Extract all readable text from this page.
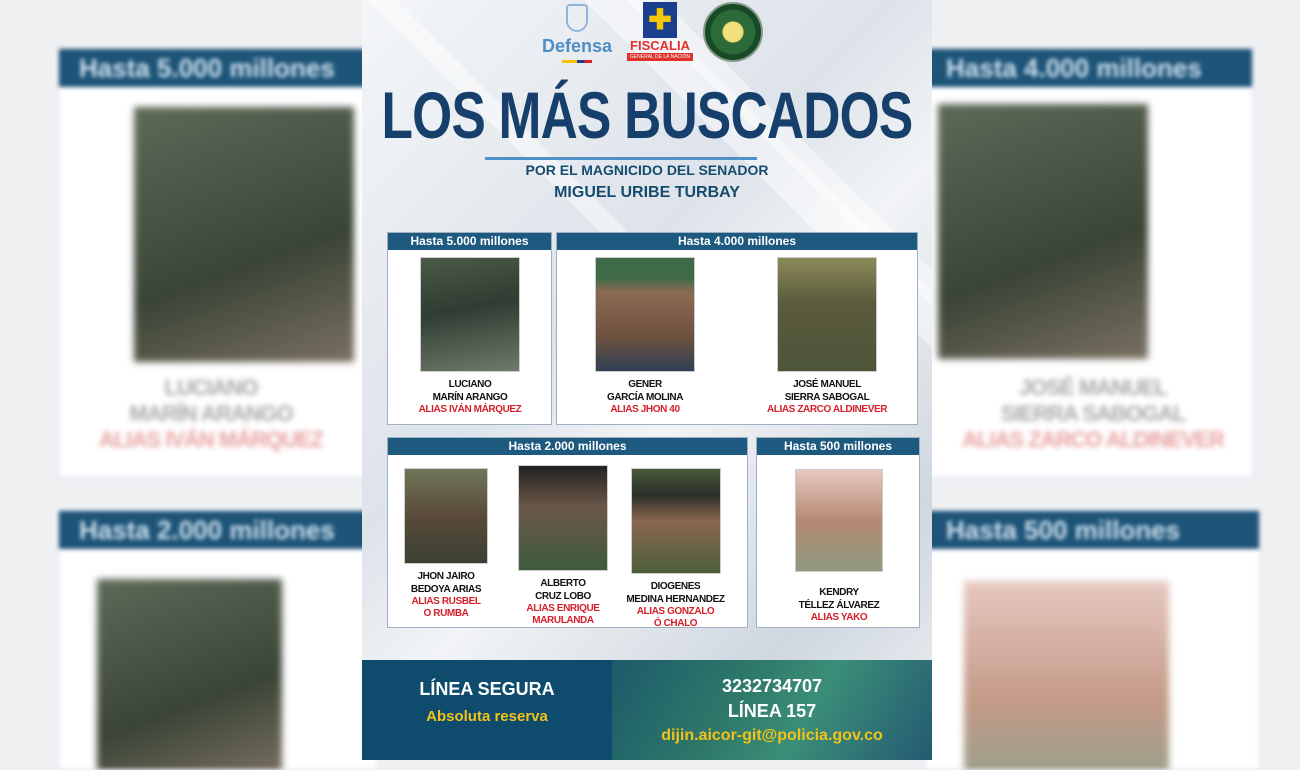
Hasta 5.000 millones
LUCIANO
MARÍN ARANGO
ALIAS IVÁN MÁRQUEZ
Hasta 2.000 millones
Hasta 4.000 millones
JOSÉ MANUEL
SIERRA SABOGAL
ALIAS ZARCO ALDINEVER
Hasta 500 millones
Defensa
✚
FISCALIA
GENERAL DE LA NACIÓN
LOS MÁS BUSCADOS
POR EL MAGNICIDO DEL SENADOR
MIGUEL URIBE TURBAY
Hasta 5.000 millones
LUCIANO
MARÍN ARANGO
ALIAS IVÁN MÁRQUEZ
Hasta 4.000 millones
GENER
GARCÍA MOLINA
ALIAS JHON 40
JOSÉ MANUEL
SIERRA SABOGAL
ALIAS ZARCO ALDINEVER
Hasta 2.000 millones
JHON JAIRO
BEDOYA ARIAS
ALIAS RUSBEL
O RUMBA
ALBERTO
CRUZ LOBO
ALIAS ENRIQUE
MARULANDA
DIOGENES
MEDINA HERNANDEZ
ALIAS GONZALO
Ó CHALO
Hasta 500 millones
KENDRY
TÉLLEZ ÁLVAREZ
ALIAS YAKO
LÍNEA SEGURA
Absoluta reserva
3232734707
LÍNEA 157
dijin.aicor-git@policia.gov.co
